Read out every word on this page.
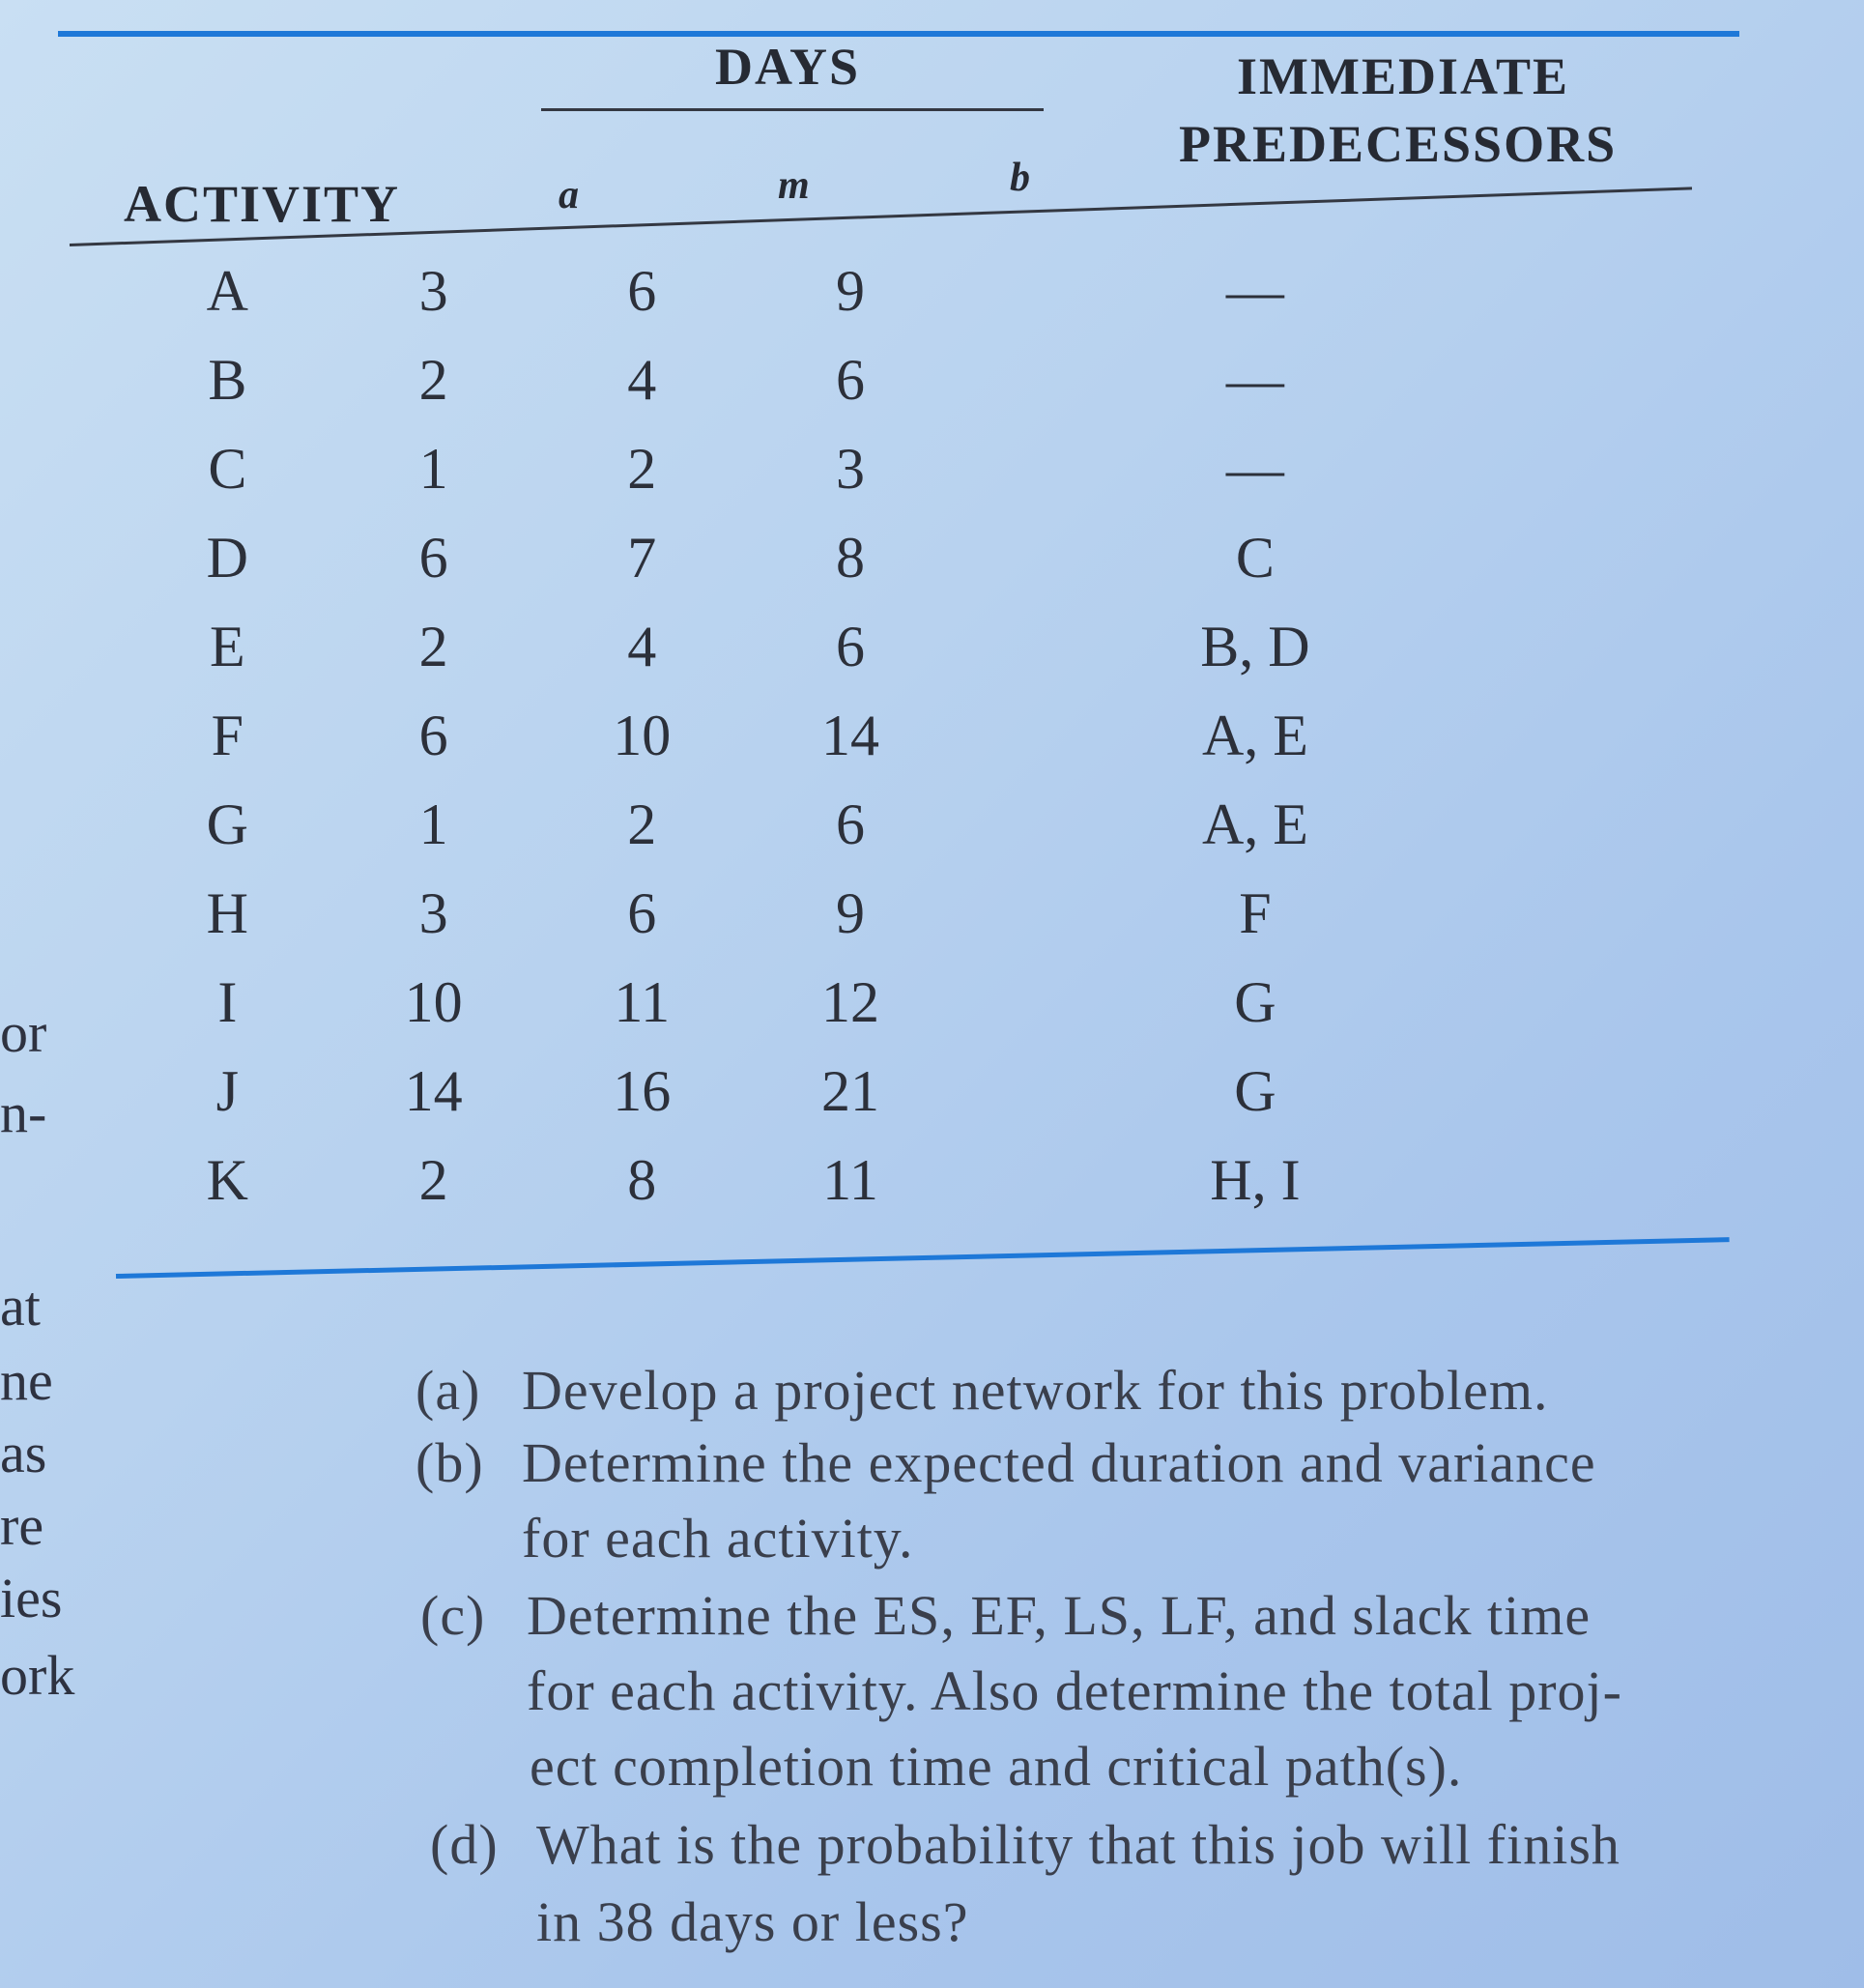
DAYS	IMMEDIATE
PREDECESSORS
ACTIVITY	a	m	b
A	3	6	9	—
B	2	4	6	—
C	1	2	3	—
D	6	7	8	C
E	2	4	6	B, D
F	6	10	14	A, E
G	1	2	6	A, E
H	3	6	9	F
I	10	11	12	G
J	14	16	21	G
K	2	8	11	H, I
or
n-
at
ne
as
re
ies
ork
(a) Develop a project network for this problem.
(b) Determine the expected duration and variance
for each activity.
(c) Determine the ES, EF, LS, LF, and slack time
for each activity. Also determine the total proj-
ect completion time and critical path(s).
(d) What is the probability that this job will finish
in 38 days or less?
